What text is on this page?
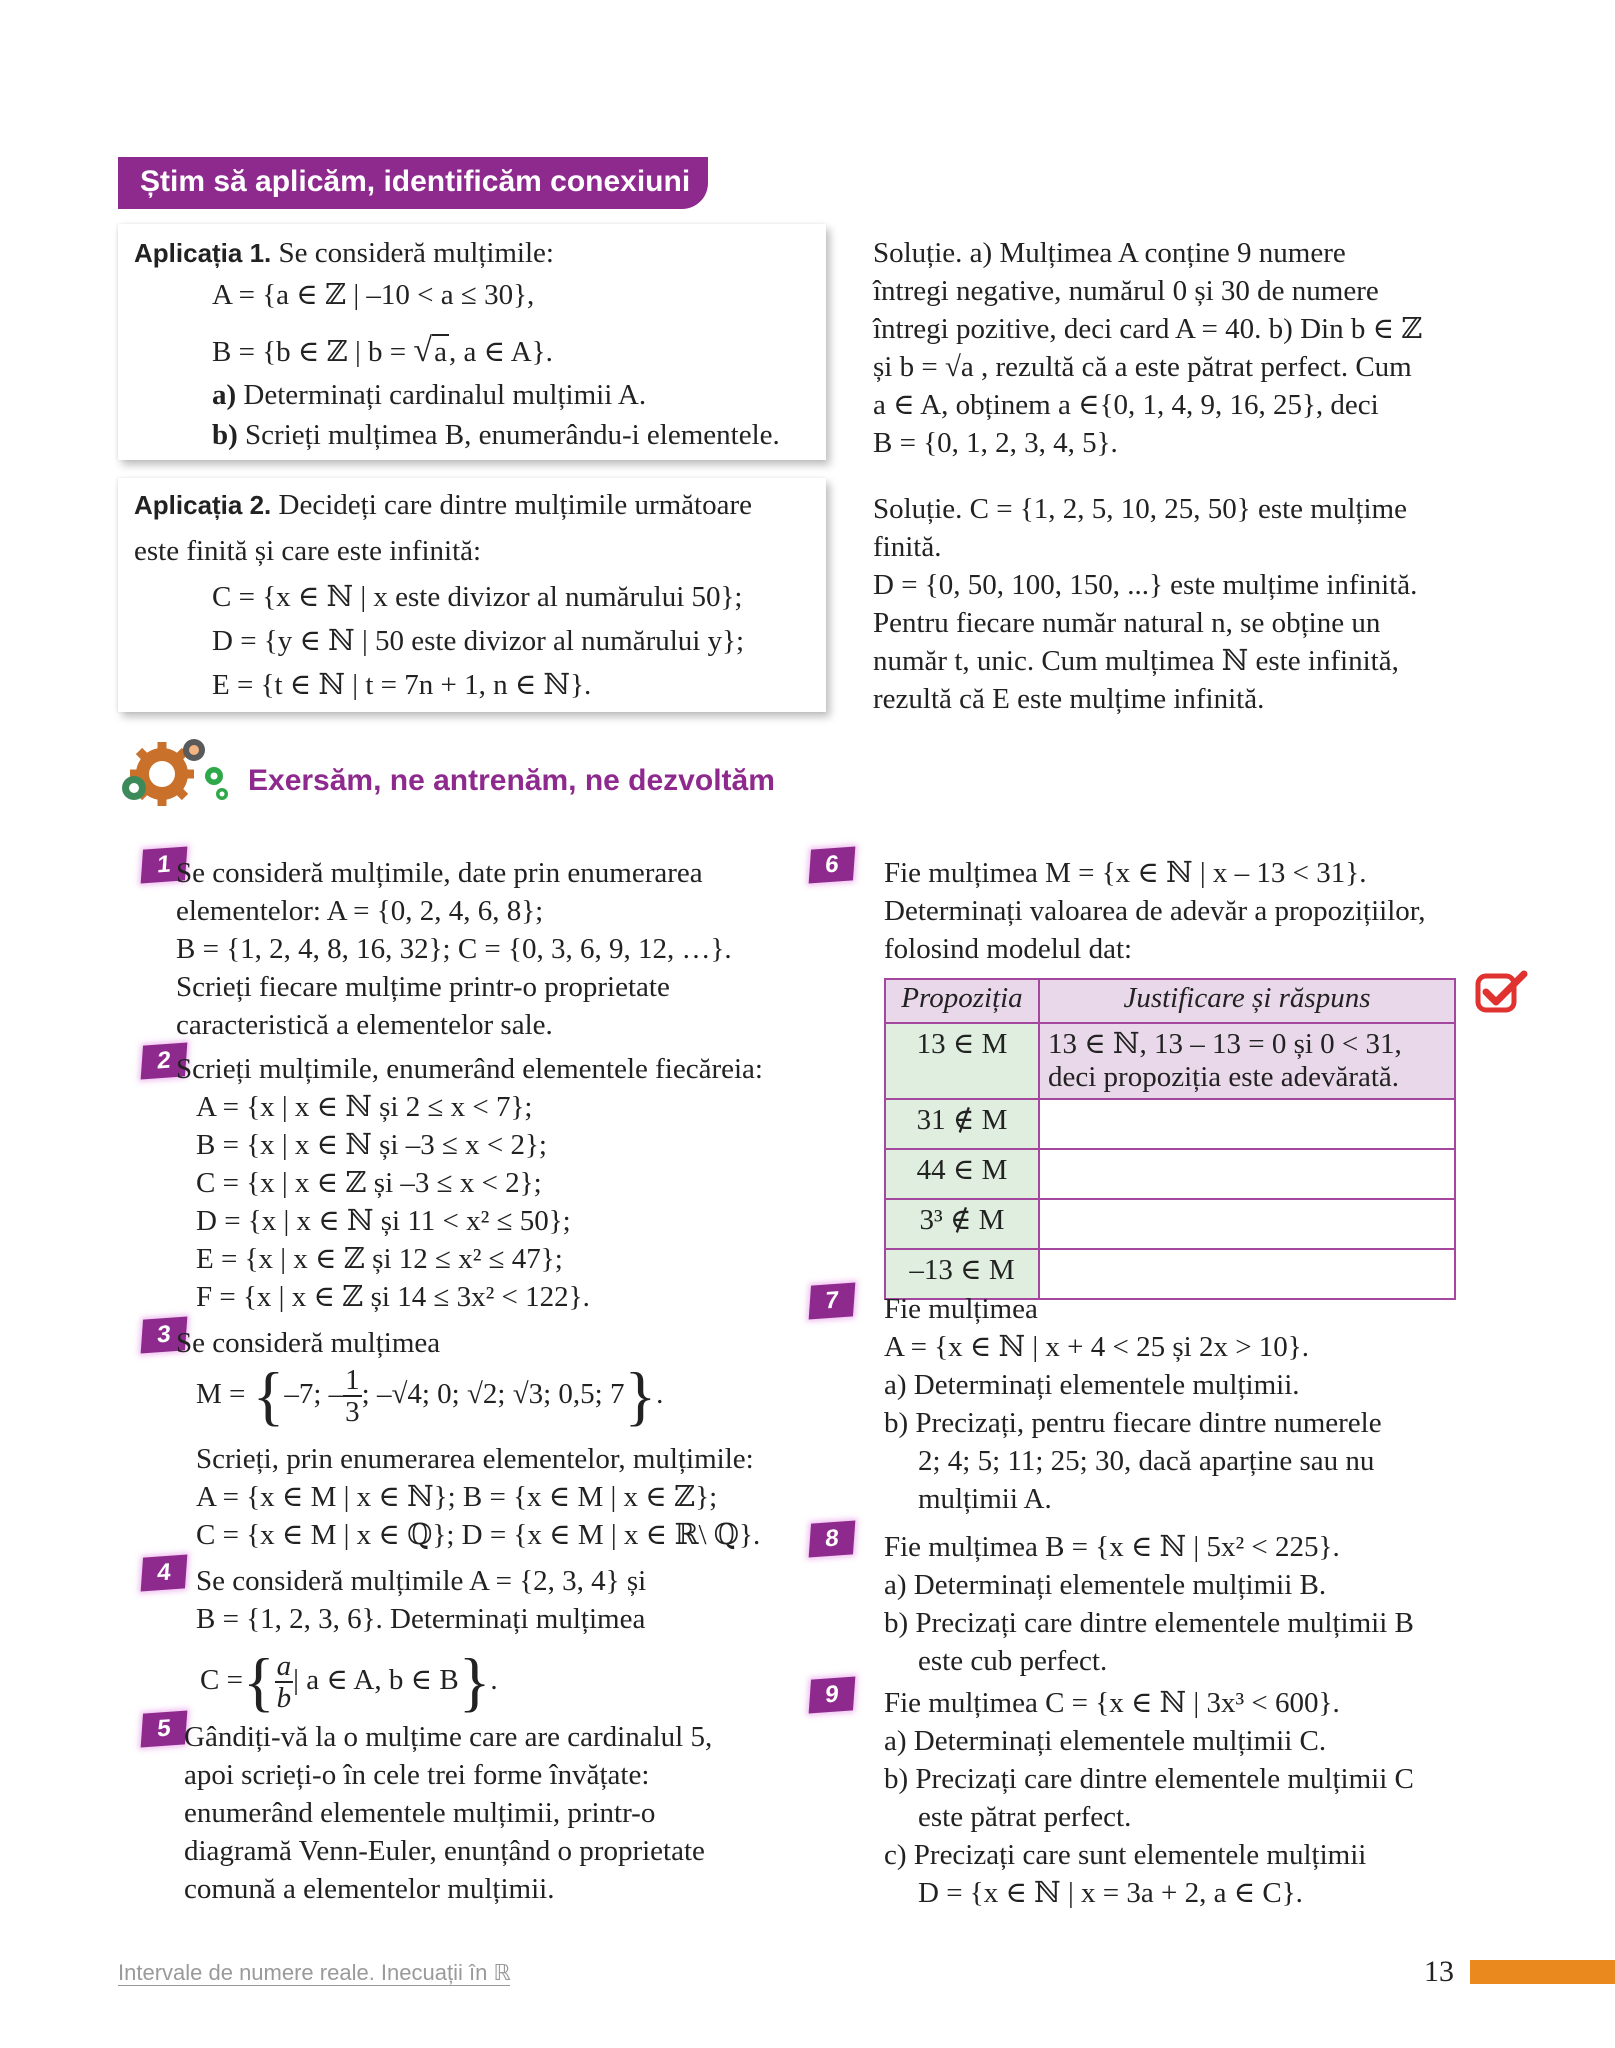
Știm să aplicăm, identificăm conexiuni
Aplicația 1. Se consideră mulțimile:
A = {a ∈ ℤ | –10 < a ≤ 30},
B = {b ∈ ℤ | b = √a, a ∈ A}.
a) Determinați cardinalul mulțimii A.
b) Scrieți mulțimea B, enumerându-i elementele.
Soluție. a) Mulțimea A conține 9 numere
întregi negative, numărul 0 și 30 de numere
întregi pozitive, deci card A = 40. b) Din b ∈ ℤ
și b = √a , rezultă că a este pătrat perfect. Cum
a ∈ A, obținem a ∈{0, 1, 4, 9, 16, 25}, deci
B = {0, 1, 2, 3, 4, 5}.
Aplicația 2. Decideți care dintre mulțimile următoare
este finită și care este infinită:
C = {x ∈ ℕ | x este divizor al numărului 50};
D = {y ∈ ℕ | 50 este divizor al numărului y};
E = {t ∈ ℕ | t = 7n + 1, n ∈ ℕ}.
Soluție. C = {1, 2, 5, 10, 25, 50} este mulțime
finită.
D = {0, 50, 100, 150, ...} este mulțime infinită.
Pentru fiecare număr natural n, se obține un
număr t, unic. Cum mulțimea ℕ este infinită,
rezultă că E este mulțime infinită.
Exersăm, ne antrenăm, ne dezvoltăm
1 Se consideră mulțimile, date prin enumerarea
elementelor: A = {0, 2, 4, 6, 8};
B = {1, 2, 4, 8, 16, 32}; C = {0, 3, 6, 9, 12, …}.
Scrieți fiecare mulțime printr-o proprietate
caracteristică a elementelor sale.
2 Scrieți mulțimile, enumerând elementele fiecăreia:
A = {x | x ∈ ℕ și 2 ≤ x < 7};
B = {x | x ∈ ℕ și –3 ≤ x < 2};
C = {x | x ∈ ℤ și –3 ≤ x < 2};
D = {x | x ∈ ℕ și 11 < x² ≤ 50};
E = {x | x ∈ ℤ și 12 ≤ x² ≤ 47};
F = {x | x ∈ ℤ și 14 ≤ 3x² < 122}.
3 Se consideră mulțimea
M = {–7; – $\frac{1}{3}$ ; –√4; 0; √2; √3; 0,5; 7}.
Scrieți, prin enumerarea elementelor, mulțimile:
A = {x ∈ M | x ∈ ℕ}; B = {x ∈ M | x ∈ ℤ};
C = {x ∈ M | x ∈ ℚ}; D = {x ∈ M | x ∈ ℝ\ ℚ}.
4 Se consideră mulțimile A = {2, 3, 4} și
B = {1, 2, 3, 6}. Determinați mulțimea
C ={ $\frac{a}{b}$ | a ∈ A, b ∈ B}.
5 Gândiți-vă la o mulțime care are cardinalul 5,
apoi scrieți-o în cele trei forme învățate:
enumerând elementele mulțimii, printr-o
diagramă Venn-Euler, enunțând o proprietate
comună a elementelor mulțimii.
6	Fie mulțimea M = {x ∈ ℕ | x – 13 < 31}.
Determinați valoarea de adevăr a propozițiilor,
folosind modelul dat:
Propoziția	Justificare și răspuns
13 ∈ M	13 ∈ ℕ, 13 – 13 = 0 și 0 < 31,
deci propoziția este adevărată.

31 ∉ M	
44 ∈ M	
3³ ∉ M	
–13 ∈ M	
7	Fie mulțimea
A = {x ∈ ℕ | x + 4 < 25 și 2x > 10}.
a) Determinați elementele mulțimii.
b) Precizați, pentru fiecare dintre numerele
2; 4; 5; 11; 25; 30, dacă aparține sau nu
mulțimii A.
8	Fie mulțimea B = {x ∈ ℕ | 5x² < 225}.
a) Determinați elementele mulțimii B.
b) Precizați care dintre elementele mulțimii B
este cub perfect.
9	Fie mulțimea C = {x ∈ ℕ | 3x³ < 600}.
a) Determinați elementele mulțimii C.
b) Precizați care dintre elementele mulțimii C
este pătrat perfect.
c) Precizați care sunt elementele mulțimii
D = {x ∈ ℕ | x = 3a + 2, a ∈ C}.
Intervale de numere reale. Inecuații în ℝ	13
